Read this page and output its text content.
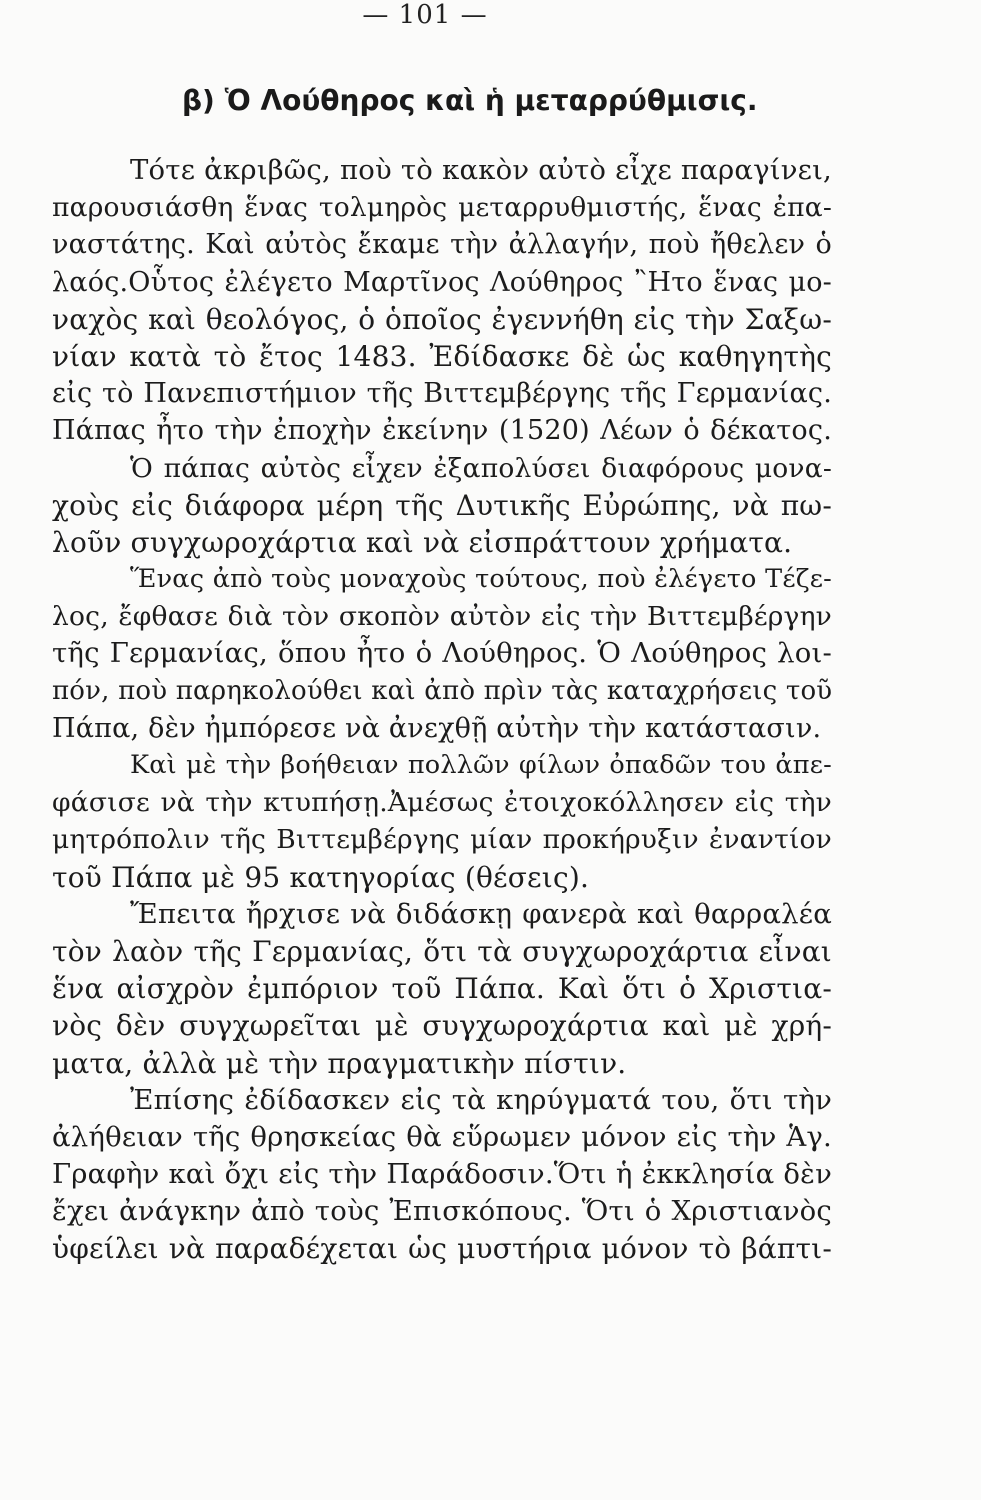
— 101 —
β) Ὁ Λούθηρος καὶ ἡ μεταρρύθμισις.
Τότε ἀκριβῶς, ποὺ τὸ κακὸν αὐτὸ εἶχε παραγίνει,
παρουσιάσθη ἕνας τολμηρὸς μεταρρυθμιστής, ἕνας ἐπα-
ναστάτης. Καὶ αὐτὸς ἔκαμε τὴν ἀλλαγήν, ποὺ ἤθελεν ὁ
λαός.Οὗτος ἐλέγετο Μαρτῖνος Λούθηρος ῍Ητο ἕνας μο-
ναχὸς καὶ θεολόγος, ὁ ὁποῖος ἐγεννήθη εἰς τὴν Σαξω-
νίαν κατὰ τὸ ἔτος 1483. Ἐδίδασκε δὲ ὡς καθηγητὴς
εἰς τὸ Πανεπιστήμιον τῆς Βιττεμβέργης τῆς Γερμανίας.
Πάπας ἦτο τὴν ἐποχὴν ἐκείνην (1520) Λέων ὁ δέκατος.
Ὁ πάπας αὐτὸς εἶχεν ἐξαπολύσει διαφόρους μονα-
χοὺς εἰς διάφορα μέρη τῆς Δυτικῆς Εὐρώπης, νὰ πω-
λοῦν συγχωροχάρτια καὶ νὰ εἰσπράττουν χρήματα.
Ἕνας ἀπὸ τοὺς μοναχοὺς τούτους, ποὺ ἐλέγετο Τέζε-
λος, ἔφθασε διὰ τὸν σκοπὸν αὐτὸν εἰς τὴν Βιττεμβέργην
τῆς Γερμανίας, ὅπου ἦτο ὁ Λούθηρος. Ὁ Λούθηρος λοι-
πόν, ποὺ παρηκολούθει καὶ ἀπὸ πρὶν τὰς καταχρήσεις τοῦ
Πάπα, δὲν ἠμπόρεσε νὰ ἀνεχθῇ αὐτὴν τὴν κατάστασιν.
Καὶ μὲ τὴν βοήθειαν πολλῶν φίλων ὀπαδῶν του ἀπε-
φάσισε νὰ τὴν κτυπήσῃ.Ἀμέσως ἐτοιχοκόλλησεν εἰς τὴν
μητρόπολιν τῆς Βιττεμβέργης μίαν προκήρυξιν ἐναντίον
τοῦ Πάπα μὲ 95 κατηγορίας (θέσεις).
Ἔπειτα ἤρχισε νὰ διδάσκῃ φανερὰ καὶ θαρραλέα
τὸν λαὸν τῆς Γερμανίας, ὅτι τὰ συγχωροχάρτια εἶναι
ἕνα αἰσχρὸν ἐμπόριον τοῦ Πάπα. Καὶ ὅτι ὁ Χριστια-
νὸς δὲν συγχωρεῖται μὲ συγχωροχάρτια καὶ μὲ χρή-
ματα, ἀλλὰ μὲ τὴν πραγματικὴν πίστιν.
Ἐπίσης ἐδίδασκεν εἰς τὰ κηρύγματά του, ὅτι τὴν
ἀλήθειαν τῆς θρησκείας θὰ εὕρωμεν μόνον εἰς τὴν Ἁγ.
Γραφὴν καὶ ὄχι εἰς τὴν Παράδοσιν.Ὅτι ἡ ἐκκλησία δὲν
ἔχει ἀνάγκην ἀπὸ τοὺς Ἐπισκόπους. Ὅτι ὁ Χριστιανὸς
ὑφείλει νὰ παραδέχεται ὡς μυστήρια μόνον τὸ βάπτι-
